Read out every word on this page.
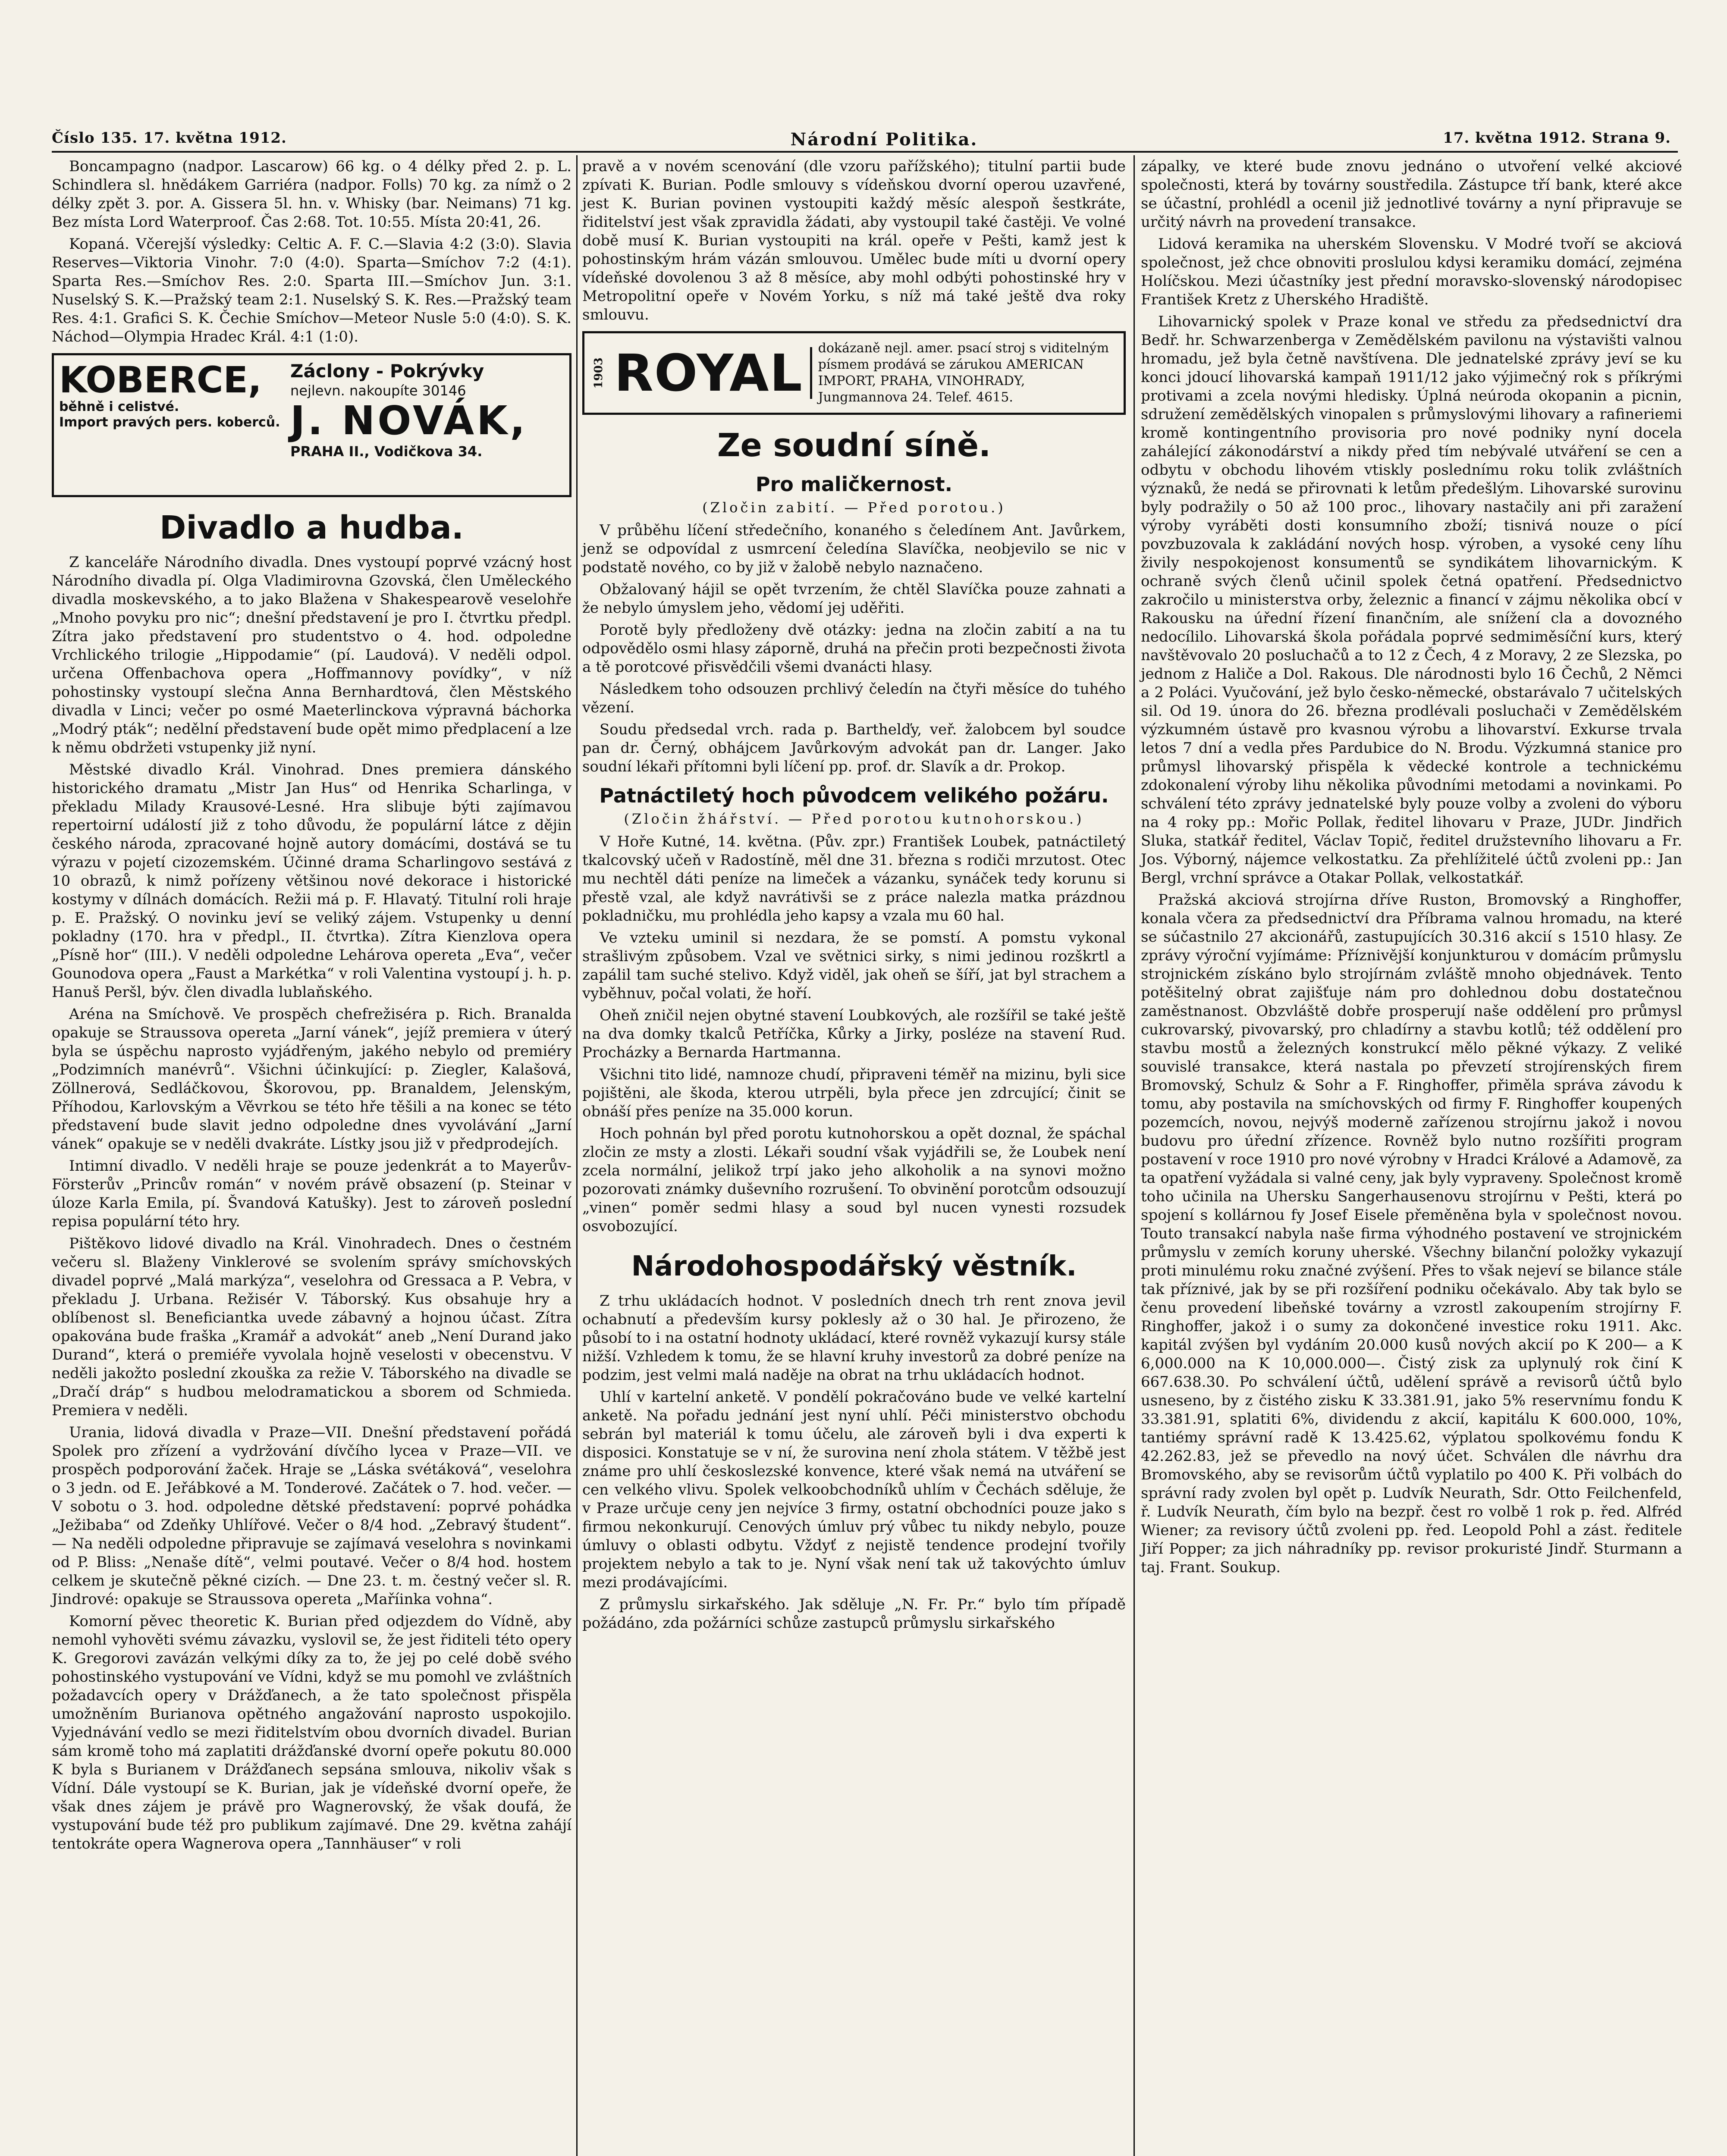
Číslo 135. 17. května 1912.	Národní Politika.	17. května 1912. Strana 9.

Boncampagno (nadpor. Lascarow) 66 kg. o 4 délky před 2. p. L. Schindlera sl. hnědákem Garriéra (nadpor. Folls) 70 kg. za nímž o 2 délky zpět 3. por. A. Gissera 5l. hn. v. Whisky (bar. Neimans) 71 kg. Bez místa Lord Waterproof. Čas 2:68. Tot. 10:55. Místa 20:41, 26.

Kopaná. Včerejší výsledky: Celtic A. F. C.—Slavia 4:2 (3:0). Slavia Reserves—Viktoria Vinohr. 7:0 (4:0). Sparta—Smíchov 7:2 (4:1). Sparta Res.—Smíchov Res. 2:0. Sparta III.—Smíchov Jun. 3:1. Nuselský S. K.—Pražský team 2:1. Nuselský S. K. Res.—Pražský team Res. 4:1. Grafici S. K. Čechie Smíchov—Meteor Nusle 5:0 (4:0). S. K. Náchod—Olympia Hradec Král. 4:1 (1:0).

KOBERCE,
běhně i celistvé.
Import pravých pers. koberců.
Záclony - Pokrývky
nejlevn. nakoupíte 30146
J. NOVÁK,
PRAHA II., Vodičkova 34.
Divadlo a hudba.

Z kanceláře Národního divadla. Dnes vystoupí poprvé vzácný host Národního divadla pí. Olga Vladimirovna Gzovská, člen Uměleckého divadla moskevského, a to jako Blažena v Shakespearově veselohře „Mnoho povyku pro nic“; dnešní představení je pro I. čtvrtku předpl. Zítra jako představení pro studentstvo o 4. hod. odpoledne Vrchlického trilogie „Hippodamie“ (pí. Laudová). V neděli odpol. určena Offenbachova opera „Hoffmannovy povídky“, v níž pohostinsky vystoupí slečna Anna Bernhardtová, člen Městského divadla v Linci; večer po osmé Maeterlinckova výpravná báchorka „Modrý pták“; nedělní představení bude opět mimo předplacení a lze k němu obdržeti vstupenky již nyní.

Městské divadlo Král. Vinohrad. Dnes premiera dánského historického dramatu „Mistr Jan Hus“ od Henrika Scharlinga, v překladu Milady Krausové-Lesné. Hra slibuje býti zajímavou repertoirní událostí již z toho důvodu, že populární látce z dějin českého národa, zpracované hojně autory domácími, dostává se tu výrazu v pojetí cizozemském. Účinné drama Scharlingovo sestává z 10 obrazů, k nimž pořízeny většinou nové dekorace i historické kostymy v dílnách domácích. Režii má p. F. Hlavatý. Titulní roli hraje p. E. Pražský. O novinku jeví se veliký zájem. Vstupenky u denní pokladny (170. hra v předpl., II. čtvrtka). Zítra Kienzlova opera „Písně hor“ (III.). V neděli odpoledne Lehárova opereta „Eva“, večer Gounodova opera „Faust a Markétka“ v roli Valentina vystoupí j. h. p. Hanuš Peršl, býv. člen divadla lublaňského.

Aréna na Smíchově. Ve prospěch chefrežiséra p. Rich. Branalda opakuje se Straussova opereta „Jarní vánek“, jejíž premiera v úterý byla se úspěchu naprosto vyjádřeným, jakého nebylo od premiéry „Podzimních manévrů“. Všichni účinkující: p. Ziegler, Kalašová, Zöllnerová, Sedláčkovou, Škorovou, pp. Branaldem, Jelenským, Příhodou, Karlovským a Věvrkou se této hře těšili a na konec se této představení bude slavit jedno odpoledne dnes vyvolávání „Jarní vánek“ opakuje se v neděli dvakráte. Lístky jsou již v předprodejích.

Intimní divadlo. V neděli hraje se pouze jedenkrát a to Mayerův-Försterův „Princův román“ v novém právě obsazení (p. Steinar v úloze Karla Emila, pí. Švandová Katušky). Jest to zároveň poslední repisa populární této hry.

Pištěkovo lidové divadlo na Král. Vinohradech. Dnes o čestném večeru sl. Blaženy Vinklerové se svolením správy smíchovských divadel poprvé „Malá markýza“, veselohra od Gressaca a P. Vebra, v překladu J. Urbana. Režisér V. Táborský. Kus obsahuje hry a oblíbenost sl. Beneficiantka uvede zábavný a hojnou účast. Zítra opakována bude fraška „Kramář a advokát“ aneb „Není Durand jako Durand“, která o premiéře vyvolala hojně veselosti v obecenstvu. V neděli jakožto poslední zkouška za režie V. Táborského na divadle se „Dračí dráp“ s hudbou melodramatickou a sborem od Schmieda. Premiera v neděli.

Urania, lidová divadla v Praze—VII. Dnešní představení pořádá Spolek pro zřízení a vydržování dívčího lycea v Praze—VII. ve prospěch podporování žaček. Hraje se „Láska svétáková“, veselohra o 3 jedn. od E. Jeřábkové a M. Tonderové. Začátek o 7. hod. večer. — V sobotu o 3. hod. odpoledne dětské představení: poprvé pohádka „Ježibaba“ od Zdeňky Uhlířové. Večer o 8/4 hod. „Zebravý študent“. — Na neděli odpoledne připravuje se zajímavá veselohra s novinkami od P. Bliss: „Nenaše dítě“, velmi poutavé. Večer o 8/4 hod. hostem celkem je skutečně pěkné cizích. — Dne 23. t. m. čestný večer sl. R. Jindrové: opakuje se Straussova opereta „Maříinka vohna“.

Komorní pěvec theoretic K. Burian před odjezdem do Vídně, aby nemohl vyhověti svému závazku, vyslovil se, že jest řiditeli této opery K. Gregorovi zavázán velkými díky za to, že jej po celé době svého pohostinského vystupování ve Vídni, když se mu pomohl ve zvláštních požadavcích opery v Drážďanech, a že tato společnost přispěla umožněním Burianova opětného angažování naprosto uspokojilo. Vyjednávání vedlo se mezi řiditelstvím obou dvorních divadel. Burian sám kromě toho má zaplatiti drážďanské dvorní opeře pokutu 80.000 K byla s Burianem v Drážďanech sepsána smlouva, nikoliv však s Vídní. Dále vystoupí se K. Burian, jak je vídeňské dvorní opeře, že však dnes zájem je právě pro Wagnerovský, že však doufá, že vystupování bude též pro publikum zajímavé. Dne 29. května zahájí tentokráte opera Wagnerova opera „Tannhäuser“ v roli

pravě a v novém scenování (dle vzoru pařížského); titulní partii bude zpívati K. Burian. Podle smlouvy s vídeňskou dvorní operou uzavřené, jest K. Burian povinen vystoupiti každý měsíc alespoň šestkráte, řiditelství jest však zpravidla žádati, aby vystoupil také častěji. Ve volné době musí K. Burian vystoupiti na král. opeře v Pešti, kamž jest k pohostinským hrám vázán smlouvou. Umělec bude míti u dvorní opery vídeňské dovolenou 3 až 8 měsíce, aby mohl odbýti pohostinské hry v Metropolitní opeře v Novém Yorku, s níž má také ještě dva roky smlouvu.

1903 ROYAL	dokázaně nejl. amer. psací stroj s viditelným písmem prodává se zárukou AMERICAN IMPORT, PRAHA, VINOHRADY, Jungmannova 24. Telef. 4615.
Ze soudní síně.
Pro maličkernost.
(Zločin zabití. — Před porotou.)

V průběhu líčení středečního, konaného s čeledínem Ant. Javůrkem, jenž se odpovídal z usmrcení čeledína Slavíčka, neobjevilo se nic v podstatě nového, co by již v žalobě nebylo naznačeno.

Obžalovaný hájil se opět tvrzením, že chtěl Slavíčka pouze zahnati a že nebylo úmyslem jeho, vědomí jej uděřiti.

Porotě byly předloženy dvě otázky: jedna na zločin zabití a na tu odpovědělo osmi hlasy záporně, druhá na přečin proti bezpečnosti života a tě porotcové přisvědčili všemi dvanácti hlasy.

Následkem toho odsouzen prchlivý čeledín na čtyři měsíce do tuhého vězení.

Soudu předsedal vrch. rada p. Barthelďy, veř. žalobcem byl soudce pan dr. Černý, obhájcem Javůrkovým advokát pan dr. Langer. Jako soudní lékaři přítomni byli líčení pp. prof. dr. Slavík a dr. Prokop.

Patnáctiletý hoch původcem velikého požáru.
(Zločin žhářství. — Před porotou kutnohorskou.)

V Hoře Kutné, 14. května. (Pův. zpr.) František Loubek, patnáctiletý tkalcovský učeň v Radostíně, měl dne 31. března s rodiči mrzutost. Otec mu nechtěl dáti peníze na limeček a vázanku, synáček tedy korunu si přestě vzal, ale když navrátivši se z práce nalezla matka prázdnou pokladničku, mu prohlédla jeho kapsy a vzala mu 60 hal.

Ve vzteku uminil si nezdara, že se pomstí. A pomstu vykonal strašlivým způsobem. Vzal ve světnici sirky, s nimi jedinou rozškrtl a zapálil tam suché stelivo. Když viděl, jak oheň se šíří, jat byl strachem a vyběhnuv, počal volati, že hoří.

Oheň zničil nejen obytné stavení Loubkových, ale rozšířil se také ještě na dva domky tkalců Petříčka, Kůrky a Jirky, posléze na stavení Rud. Procházky a Bernarda Hartmanna.

Všichni tito lidé, namnoze chudí, připraveni téměř na mizinu, byli sice pojištěni, ale škoda, kterou utrpěli, byla přece jen zdrcující; činit se obnáší přes peníze na 35.000 korun.

Hoch pohnán byl před porotu kutnohorskou a opět doznal, že spáchal zločin ze msty a zlosti. Lékaři soudní však vyjádřili se, že Loubek není zcela normální, jelikož trpí jako jeho alkoholik a na synovi možno pozorovati známky duševního rozrušení. To obvinění porotcům odsouzují „vinen“ poměr sedmi hlasy a soud byl nucen vynesti rozsudek osvobozující.

Národohospodářský věstník.

Z trhu ukládacích hodnot. V posledních dnech trh rent znova jevil ochabnutí a především kursy poklesly až o 30 hal. Je přirozeno, že působí to i na ostatní hodnoty ukládací, které rovněž vykazují kursy stále nižší. Vzhledem k tomu, že se hlavní kruhy investorů za dobré peníze na podzim, jest velmi malá naděje na obrat na trhu ukládacích hodnot.

Uhlí v kartelní anketě. V pondělí pokračováno bude ve velké kartelní anketě. Na pořadu jednání jest nyní uhlí. Péči ministerstvo obchodu sebrán byl materiál k tomu účelu, ale zároveň byli i dva experti k disposici. Konstatuje se v ní, že surovina není zhola státem. V těžbě jest známe pro uhlí českoslezské konvence, které však nemá na utváření se cen velkého vlivu. Spolek velkoobchodníků uhlím v Čechách sděluje, že v Praze určuje ceny jen nejvíce 3 firmy, ostatní obchodníci pouze jako s firmou nekonkurují. Cenových úmluv prý vůbec tu nikdy nebylo, pouze úmluvy o oblasti odbytu. Vždyť z nejistě tendence prodejní tvořily projektem nebylo a tak to je. Nyní však není tak už takovýchto úmluv mezi prodávajícími.

Z průmyslu sirkařského. Jak sděluje „N. Fr. Pr.“ bylo tím případě požádáno, zda požárníci schůze zastupců průmyslu sirkařského

zápalky, ve které bude znovu jednáno o utvoření velké akciové společnosti, která by továrny soustředila. Zástupce tří bank, které akce se účastní, prohlédl a ocenil již jednotlivé továrny a nyní připravuje se určitý návrh na provedení transakce.

Lidová keramika na uherském Slovensku. V Modré tvoří se akciová společnost, jež chce obnoviti proslulou kdysi keramiku domácí, zejména Holíčskou. Mezi účastníky jest přední moravsko-slovenský národopisec František Kretz z Uherského Hradiště.

Lihovarnický spolek v Praze konal ve středu za předsednictví dra Bedř. hr. Schwarzenberga v Zemědělském pavilonu na výstavišti valnou hromadu, jež byla četně navštívena. Dle jednatelské zprávy jeví se ku konci jdoucí lihovarská kampaň 1911/12 jako výjimečný rok s příkrými protivami a zcela novými hledisky. Úplná neúroda okopanin a picnin, sdružení zemědělských vinopalen s průmyslovými lihovary a rafineriemi kromě kontingentního provisoria pro nové podniky nyní docela zahálející zákonodárství a nikdy před tím nebývalé utváření se cen a odbytu v obchodu lihovém vtiskly poslednímu roku tolik zvláštních význaků, že nedá se přirovnati k letům předešlým. Lihovarské surovinu byly podražily o 50 až 100 proc., lihovary nastačily ani při zaražení výroby vyráběti dosti konsumního zboží; tisnivá nouze o pící povzbuzovala k zakládání nových hosp. výroben, a vysoké ceny líhu živily nespokojenost konsumentů se syndikátem lihovarnickým. K ochraně svých členů učinil spolek četná opatření. Předsednictvo zakročilo u ministerstva orby, železnic a financí v zájmu několika obcí v Rakousku na úřední řízení finančním, ale snížení cla a dovozného nedocílilo. Lihovarská škola pořádala poprvé sedmiměsíční kurs, který navštěvovalo 20 posluchačů a to 12 z Čech, 4 z Moravy, 2 ze Slezska, po jednom z Haliče a Dol. Rakous. Dle národnosti bylo 16 Čechů, 2 Němci a 2 Poláci. Vyučování, jež bylo česko-německé, obstarávalo 7 učitelských sil. Od 19. února do 26. března prodlévali posluchači v Zemědělském výzkumném ústavě pro kvasnou výrobu a lihovarství. Exkurse trvala letos 7 dní a vedla přes Pardubice do N. Brodu. Výzkumná stanice pro průmysl lihovarský přispěla k vědecké kontrole a technickému zdokonalení výroby lihu několika původními metodami a novinkami. Po schválení této zprávy jednatelské byly pouze volby a zvoleni do výboru na 4 roky pp.: Mořic Pollak, ředitel lihovaru v Praze, JUDr. Jindřich Sluka, statkář ředitel, Václav Topič, ředitel družstevního lihovaru a Fr. Jos. Výborný, nájemce velkostatku. Za přehlížitelé účtů zvoleni pp.: Jan Bergl, vrchní správce a Otakar Pollak, velkostatkář.

Pražská akciová strojírna dříve Ruston, Bromovský a Ringhoffer, konala včera za předsednictví dra Příbrama valnou hromadu, na které se súčastnilo 27 akcionářů, zastupujících 30.316 akcií s 1510 hlasy. Ze zprávy výroční vyjímáme: Příznivější konjunkturou v domácím průmyslu strojnickém získáno bylo strojírnám zvláště mnoho objednávek. Tento potěšitelný obrat zajišťuje nám pro dohlednou dobu dostatečnou zaměstnanost. Obzvláště dobře prosperují naše oddělení pro průmysl cukrovarský, pivovarský, pro chladírny a stavbu kotlů; též oddělení pro stavbu mostů a železných konstrukcí mělo pěkné výkazy. Z veliké souvislé transakce, která nastala po převzetí strojírenských firem Bromovský, Schulz & Sohr a F. Ringhoffer, přiměla správa závodu k tomu, aby postavila na smíchovských od firmy F. Ringhoffer koupených pozemcích, novou, nejvýš moderně zařízenou strojírnu jakož i novou budovu pro úřední zřízence. Rovněž bylo nutno rozšířiti program postavení v roce 1910 pro nové výrobny v Hradci Králové a Adamově, za ta opatření vyžádala si valné ceny, jak byly vypraveny. Společnost kromě toho učinila na Uhersku Sangerhausenovu strojírnu v Pešti, která po spojení s kollárnou fy Josef Eisele přeměněna byla v společnost novou. Touto transakcí nabyla naše firma výhodného postavení ve strojnickém průmyslu v zemích koruny uherské. Všechny bilanční položky vykazují proti minulému roku značné zvýšení. Přes to však nejeví se bilance stále tak příznivé, jak by se při rozšíření podniku očekávalo. Aby tak bylo se čenu provedení libeňské továrny a vzrostl zakoupením strojírny F. Ringhoffer, jakož i o sumy za dokončené investice roku 1911. Akc. kapitál zvýšen byl vydáním 20.000 kusů nových akcií po K 200— a K 6,000.000 na K 10,000.000—. Čistý zisk za uplynulý rok činí K 667.638.30. Po schválení účtů, udělení správě a revisorů účtů bylo usneseno, by z čistého zisku K 33.381.91, jako 5% reservnímu fondu K 33.381.91, splatiti 6%, dividendu z akcií, kapitálu K 600.000, 10%, tantiémy správní radě K 13.425.62, výplatou spolkovému fondu K 42.262.83, jež se převedlo na nový účet. Schválen dle návrhu dra Bromovského, aby se revisorům účtů vyplatilo po 400 K. Při volbách do správní rady zvolen byl opět p. Ludvík Neurath, Sdr. Otto Feilchenfeld, ř. Ludvík Neurath, čím bylo na bezpř. čest ro volbě 1 rok p. řed. Alfréd Wiener; za revisory účtů zvoleni pp. řed. Leopold Pohl a zást. ředitele Jiří Popper; za jich náhradníky pp. revisor prokuristé Jindř. Sturmann a taj. Frant. Soukup.
